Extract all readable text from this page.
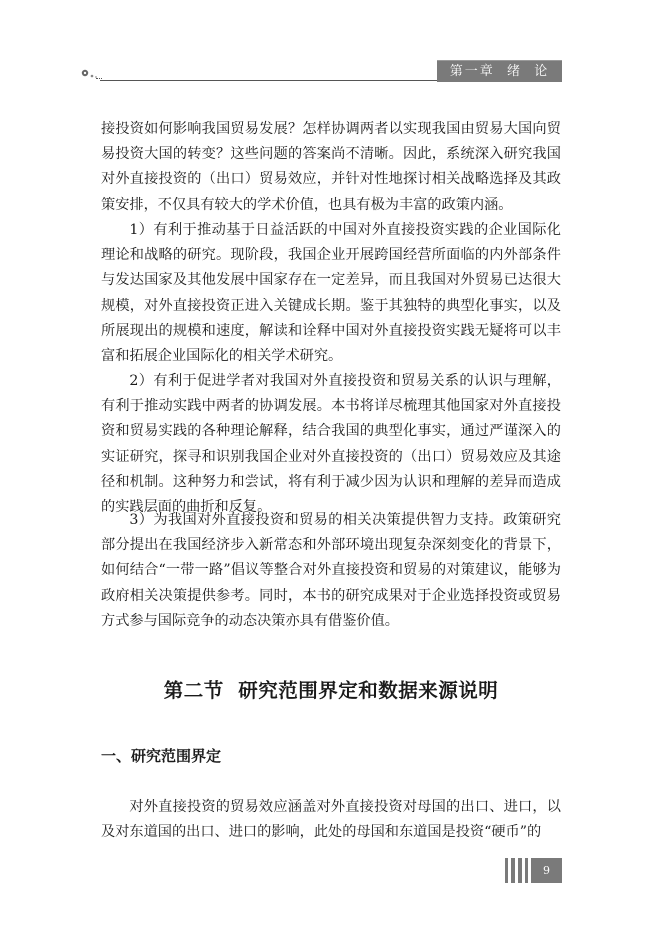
第一章  绪  论

接投资如何影响我国贸易发展？怎样协调两者以实现我国由贸易大国向贸易投资大国的转变？这些问题的答案尚不清晰。因此，系统深入研究我国对外直接投资的（出口）贸易效应，并针对性地探讨相关战略选择及其政策安排，不仅具有较大的学术价值，也具有极为丰富的政策内涵。

1）有利于推动基于日益活跃的中国对外直接投资实践的企业国际化理论和战略的研究。现阶段，我国企业开展跨国经营所面临的内外部条件与发达国家及其他发展中国家存在一定差异，而且我国对外贸易已达很大规模，对外直接投资正进入关键成长期。鉴于其独特的典型化事实，以及所展现出的规模和速度，解读和诠释中国对外直接投资实践无疑将可以丰富和拓展企业国际化的相关学术研究。

2）有利于促进学者对我国对外直接投资和贸易关系的认识与理解，有利于推动实践中两者的协调发展。本书将详尽梳理其他国家对外直接投资和贸易实践的各种理论解释，结合我国的典型化事实，通过严谨深入的实证研究，探寻和识别我国企业对外直接投资的（出口）贸易效应及其途径和机制。这种努力和尝试，将有利于减少因为认识和理解的差异而造成的实践层面的曲折和反复。

3）为我国对外直接投资和贸易的相关决策提供智力支持。政策研究部分提出在我国经济步入新常态和外部环境出现复杂深刻变化的背景下，如何结合“一带一路”倡议等整合对外直接投资和贸易的对策建议，能够为政府相关决策提供参考。同时，本书的研究成果对于企业选择投资或贸易方式参与国际竞争的动态决策亦具有借鉴价值。

第二节  研究范围界定和数据来源说明
一、研究范围界定

对外直接投资的贸易效应涵盖对外直接投资对母国的出口、进口，以及对东道国的出口、进口的影响，此处的母国和东道国是投资“硬币”的

9
